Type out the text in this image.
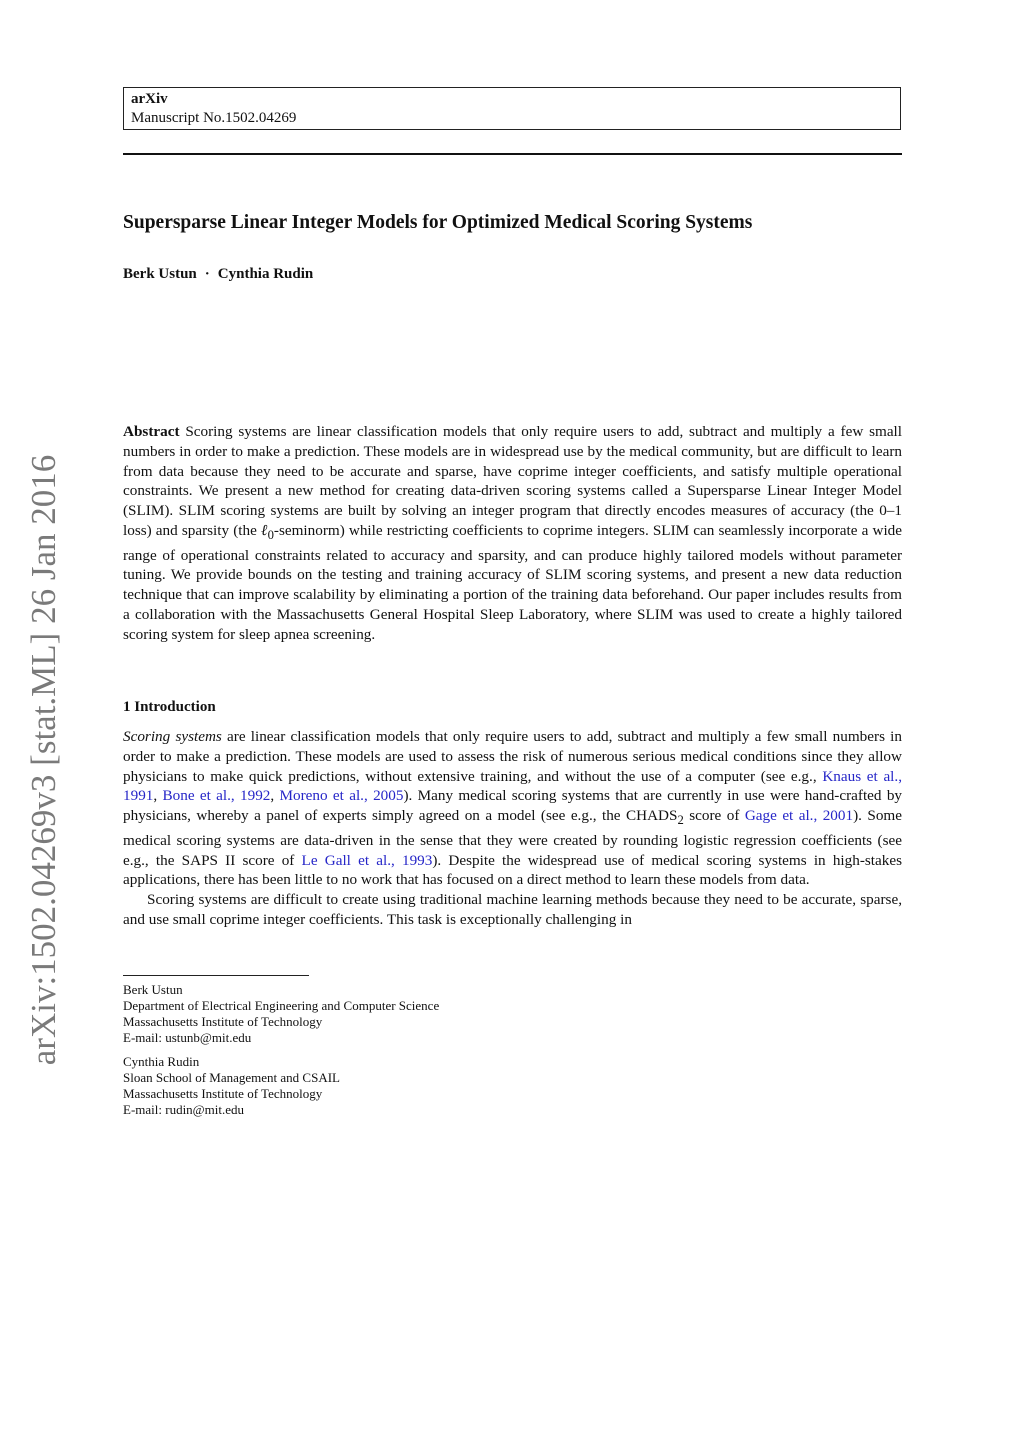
arXiv:1502.04269v3 [stat.ML] 26 Jan 2016
arXiv
Manuscript No.1502.04269
Supersparse Linear Integer Models for Optimized Medical Scoring Systems
Berk Ustun · Cynthia Rudin
Abstract Scoring systems are linear classification models that only require users to add, subtract and multiply a few small numbers in order to make a prediction. These models are in widespread use by the medical community, but are difficult to learn from data because they need to be accurate and sparse, have coprime integer coefficients, and satisfy multiple operational constraints. We present a new method for creating data-driven scoring systems called a Supersparse Linear Integer Model (SLIM). SLIM scoring systems are built by solving an integer program that directly encodes measures of accuracy (the 0–1 loss) and sparsity (the ℓ$_0$-seminorm) while restricting coefficients to coprime integers. SLIM can seamlessly incorporate a wide range of operational constraints related to accuracy and sparsity, and can produce highly tailored models without parameter tuning. We provide bounds on the testing and training accuracy of SLIM scoring systems, and present a new data reduction technique that can improve scalability by eliminating a portion of the training data beforehand. Our paper includes results from a collaboration with the Massachusetts General Hospital Sleep Laboratory, where SLIM was used to create a highly tailored scoring system for sleep apnea screening.
1 Introduction

Scoring systems are linear classification models that only require users to add, subtract and multiply a few small numbers in order to make a prediction. These models are used to assess the risk of numerous serious medical conditions since they allow physicians to make quick predictions, without extensive training, and without the use of a computer (see e.g., Knaus et al., 1991, Bone et al., 1992, Moreno et al., 2005). Many medical scoring systems that are currently in use were hand-crafted by physicians, whereby a panel of experts simply agreed on a model (see e.g., the $CHADS_2$ score of Gage et al., 2001). Some medical scoring systems are data-driven in the sense that they were created by rounding logistic regression coefficients (see e.g., the SAPS II score of Le Gall et al., 1993). Despite the widespread use of medical scoring systems in high-stakes applications, there has been little to no work that has focused on a direct method to learn these models from data.

Scoring systems are difficult to create using traditional machine learning methods because they need to be accurate, sparse, and use small coprime integer coefficients. This task is exceptionally challenging in

Berk Ustun
Department of Electrical Engineering and Computer Science
Massachusetts Institute of Technology
E-mail: ustunb@mit.edu
Cynthia Rudin
Sloan School of Management and CSAIL
Massachusetts Institute of Technology
E-mail: rudin@mit.edu
